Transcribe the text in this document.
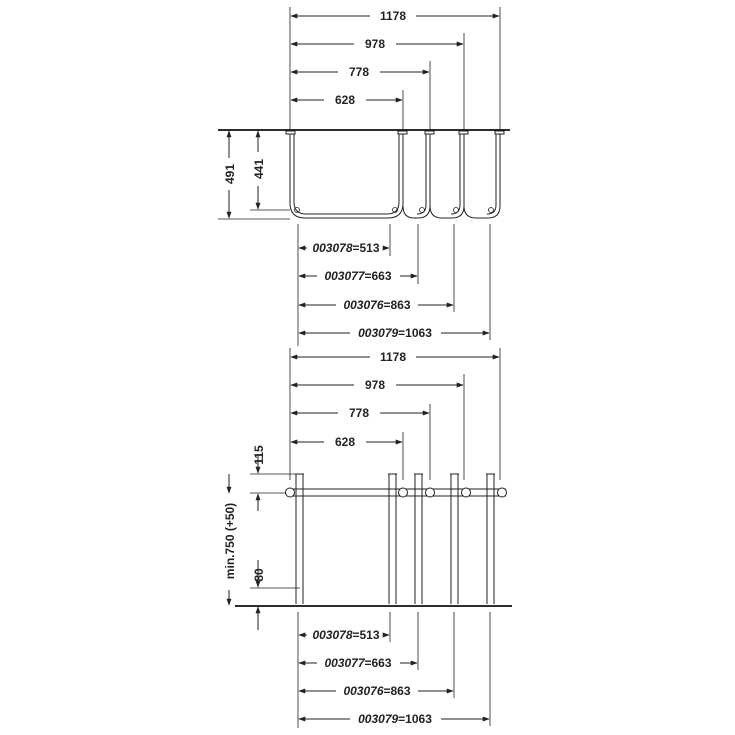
1178
978
778
628
491 441
003078=513
003077=663
003076=863
003079=1063
1178
978
778
628
115
min.750 (+50) 80
003078=513
003077=663
003076=863
003079=1063
